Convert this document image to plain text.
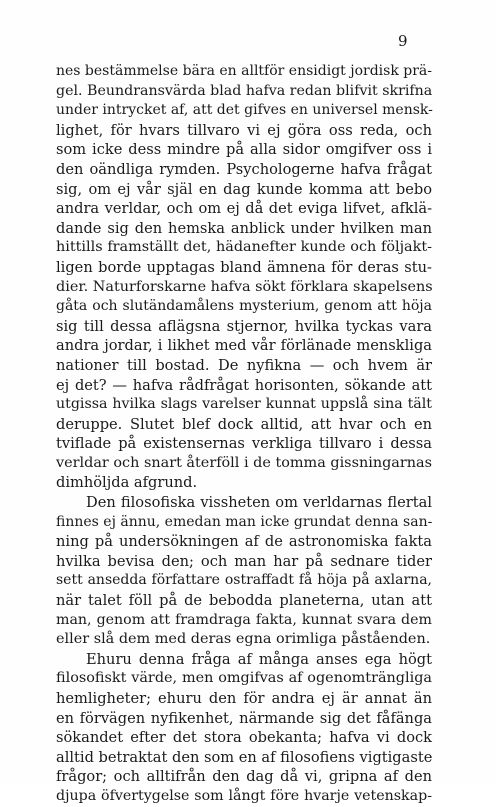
9
nes bestämmelse bära en alltför ensidigt jordisk prä-
gel. Beundransvärda blad hafva redan blifvit skrifna
under intrycket af, att det gifves en universel mensk-
lighet, för hvars tillvaro vi ej göra oss reda, och
som icke dess mindre på alla sidor omgifver oss i
den oändliga rymden. Psychologerne hafva frågat
sig, om ej vår själ en dag kunde komma att bebo
andra verldar, och om ej då det eviga lifvet, afklä-
dande sig den hemska anblick under hvilken man
hittills framställt det, hädanefter kunde och följakt-
ligen borde upptagas bland ämnena för deras stu-
dier. Naturforskarne hafva sökt förklara skapelsens
gåta och slutändamålens mysterium, genom att höja
sig till dessa aflägsna stjernor, hvilka tyckas vara
andra jordar, i likhet med vår förlänade menskliga
nationer till bostad. De nyfikna — och hvem är
ej det? — hafva rådfrågat horisonten, sökande att
utgissa hvilka slags varelser kunnat uppslå sina tält
deruppe. Slutet blef dock alltid, att hvar och en
tviflade på existensernas verkliga tillvaro i dessa
verldar och snart återföll i de tomma gissningarnas
dimhöljda afgrund.
Den filosofiska vissheten om verldarnas flertal
finnes ej ännu, emedan man icke grundat denna san-
ning på undersökningen af de astronomiska fakta
hvilka bevisa den; och man har på sednare tider
sett ansedda författare ostraffadt få höja på axlarna,
när talet föll på de bebodda planeterna, utan att
man, genom att framdraga fakta, kunnat svara dem
eller slå dem med deras egna orimliga påståenden.
Ehuru denna fråga af många anses ega högt
filosofiskt värde, men omgifvas af ogenomträngliga
hemligheter; ehuru den för andra ej är annat än
en förvägen nyfikenhet, närmande sig det fåfänga
sökandet efter det stora obekanta; hafva vi dock
alltid betraktat den som en af filosofiens vigtigaste
frågor; och alltifrån den dag då vi, gripna af den
djupa öfvertygelse som långt före hvarje vetenskap-
